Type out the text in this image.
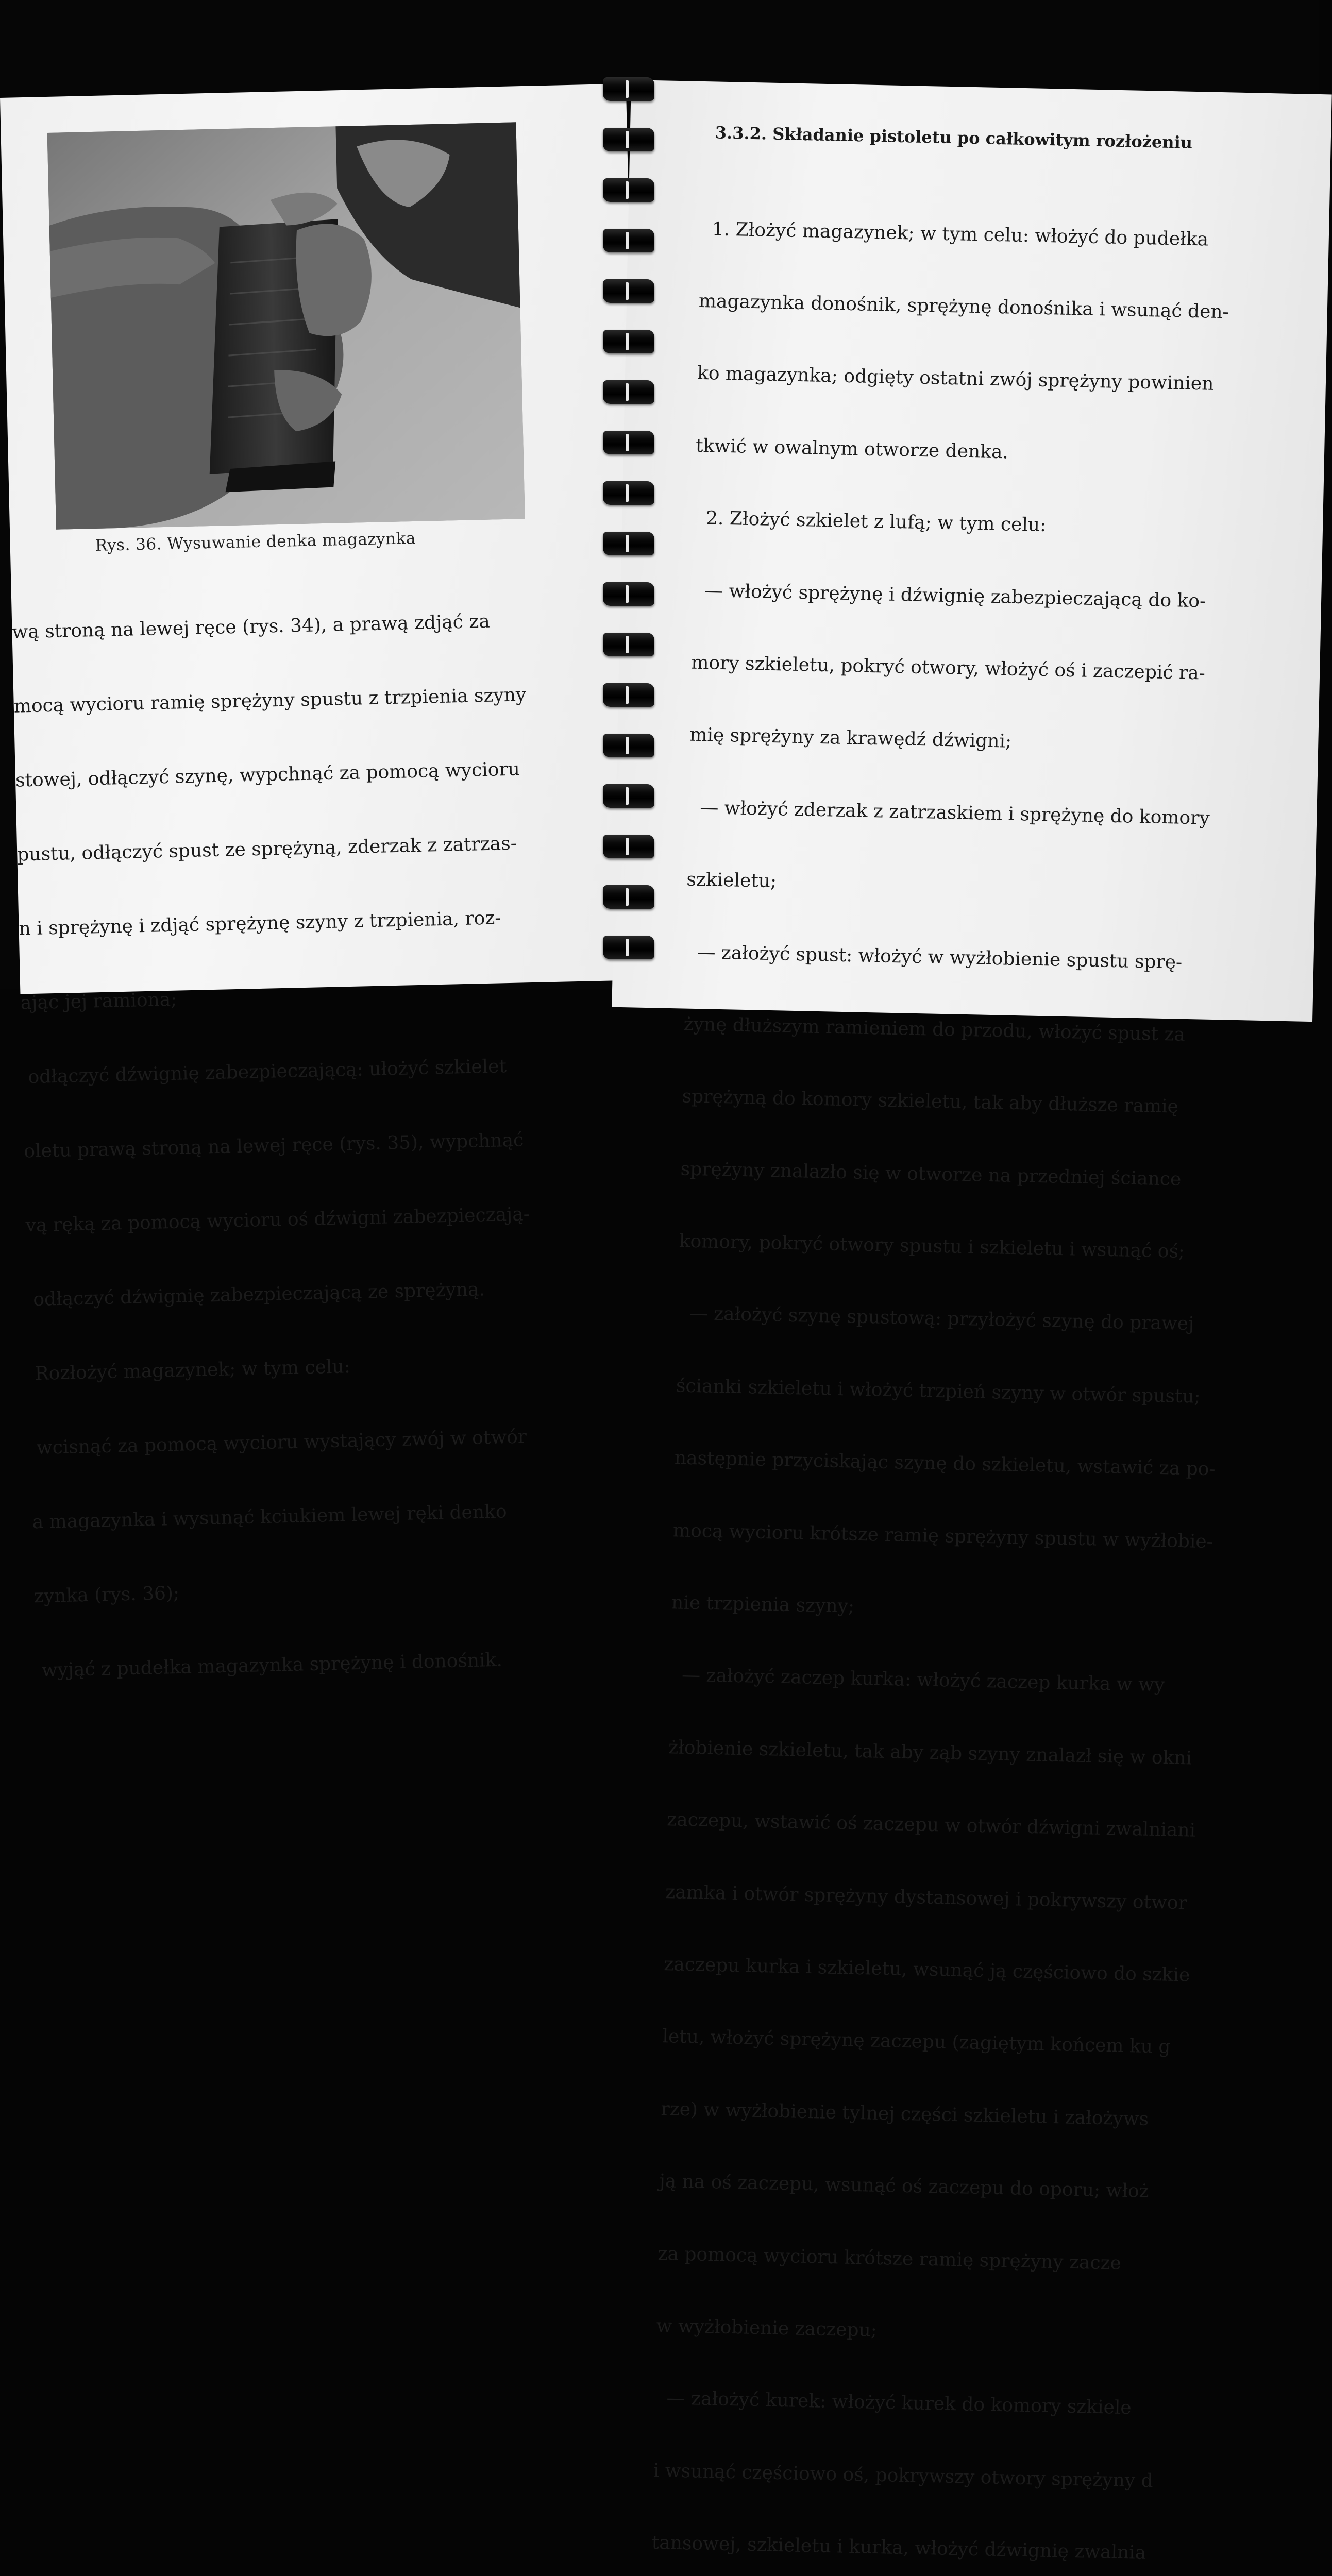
Rys. 36. Wysuwanie denka magazynka

wą stroną na lewej ręce (rys. 34), a prawą zdjąć za

mocą wycioru ramię sprężyny spustu z trzpienia szyny

stowej, odłączyć szynę, wypchnąć za pomocą wycioru

pustu, odłączyć spust ze sprężyną, zderzak z zatrzas-

n i sprężynę i zdjąć sprężynę szyny z trzpienia, roz-

ając jej ramiona;

odłączyć dźwignię zabezpieczającą: ułożyć szkielet

oletu prawą stroną na lewej ręce (rys. 35), wypchnąć

vą ręką za pomocą wycioru oś dźwigni zabezpieczają-

odłączyć dźwignię zabezpieczającą ze sprężyną.

Rozłożyć magazynek; w tym celu:

wcisnąć za pomocą wycioru wystający zwój w otwór

a magazynka i wysunąć kciukiem lewej ręki denko

zynka (rys. 36);

wyjąć z pudełka magazynka sprężynę i donośnik.

3.3.2. Składanie pistoletu po całkowitym rozłożeniu

1. Złożyć magazynek; w tym celu: włożyć do pudełka

magazynka donośnik, sprężynę donośnika i wsunąć den-

ko magazynka; odgięty ostatni zwój sprężyny powinien

tkwić w owalnym otworze denka.

2. Złożyć szkielet z lufą; w tym celu:

— włożyć sprężynę i dźwignię zabezpieczającą do ko-

mory szkieletu, pokryć otwory, włożyć oś i zaczepić ra-

mię sprężyny za krawędź dźwigni;

— włożyć zderzak z zatrzaskiem i sprężynę do komory

szkieletu;

— założyć spust: włożyć w wyżłobienie spustu sprę-

żynę dłuższym ramieniem do przodu, włożyć spust za

sprężyną do komory szkieletu, tak aby dłuższe ramię

sprężyny znalazło się w otworze na przedniej ściance

komory, pokryć otwory spustu i szkieletu i wsunąć oś;

— założyć szynę spustową: przyłożyć szynę do prawej

ścianki szkieletu i włożyć trzpień szyny w otwór spustu;

następnie przyciskając szynę do szkieletu, wstawić za po-

mocą wycioru krótsze ramię sprężyny spustu w wyżłobie-

nie trzpienia szyny;

— założyć zaczep kurka: włożyć zaczep kurka w wy

żłobienie szkieletu, tak aby ząb szyny znalazł się w okni

zaczepu, wstawić oś zaczepu w otwór dźwigni zwalniani

zamka i otwór sprężyny dystansowej i pokrywszy otwor

zaczepu kurka i szkieletu, wsunąć ją częściowo do szkie

letu, włożyć sprężynę zaczepu (zagiętym końcem ku g

rze) w wyżłobienie tylnej części szkieletu i założyws

ją na oś zaczepu, wsunąć oś zaczepu do oporu; włoż

za pomocą wycioru krótsze ramię sprężyny zacze

w wyżłobienie zaczepu;

— założyć kurek: włożyć kurek do komory szkiele

i wsunąć częściowo oś, pokrywszy otwory sprężyny d

tansowej, szkieletu i kurka, włożyć dźwignię zwalnia
